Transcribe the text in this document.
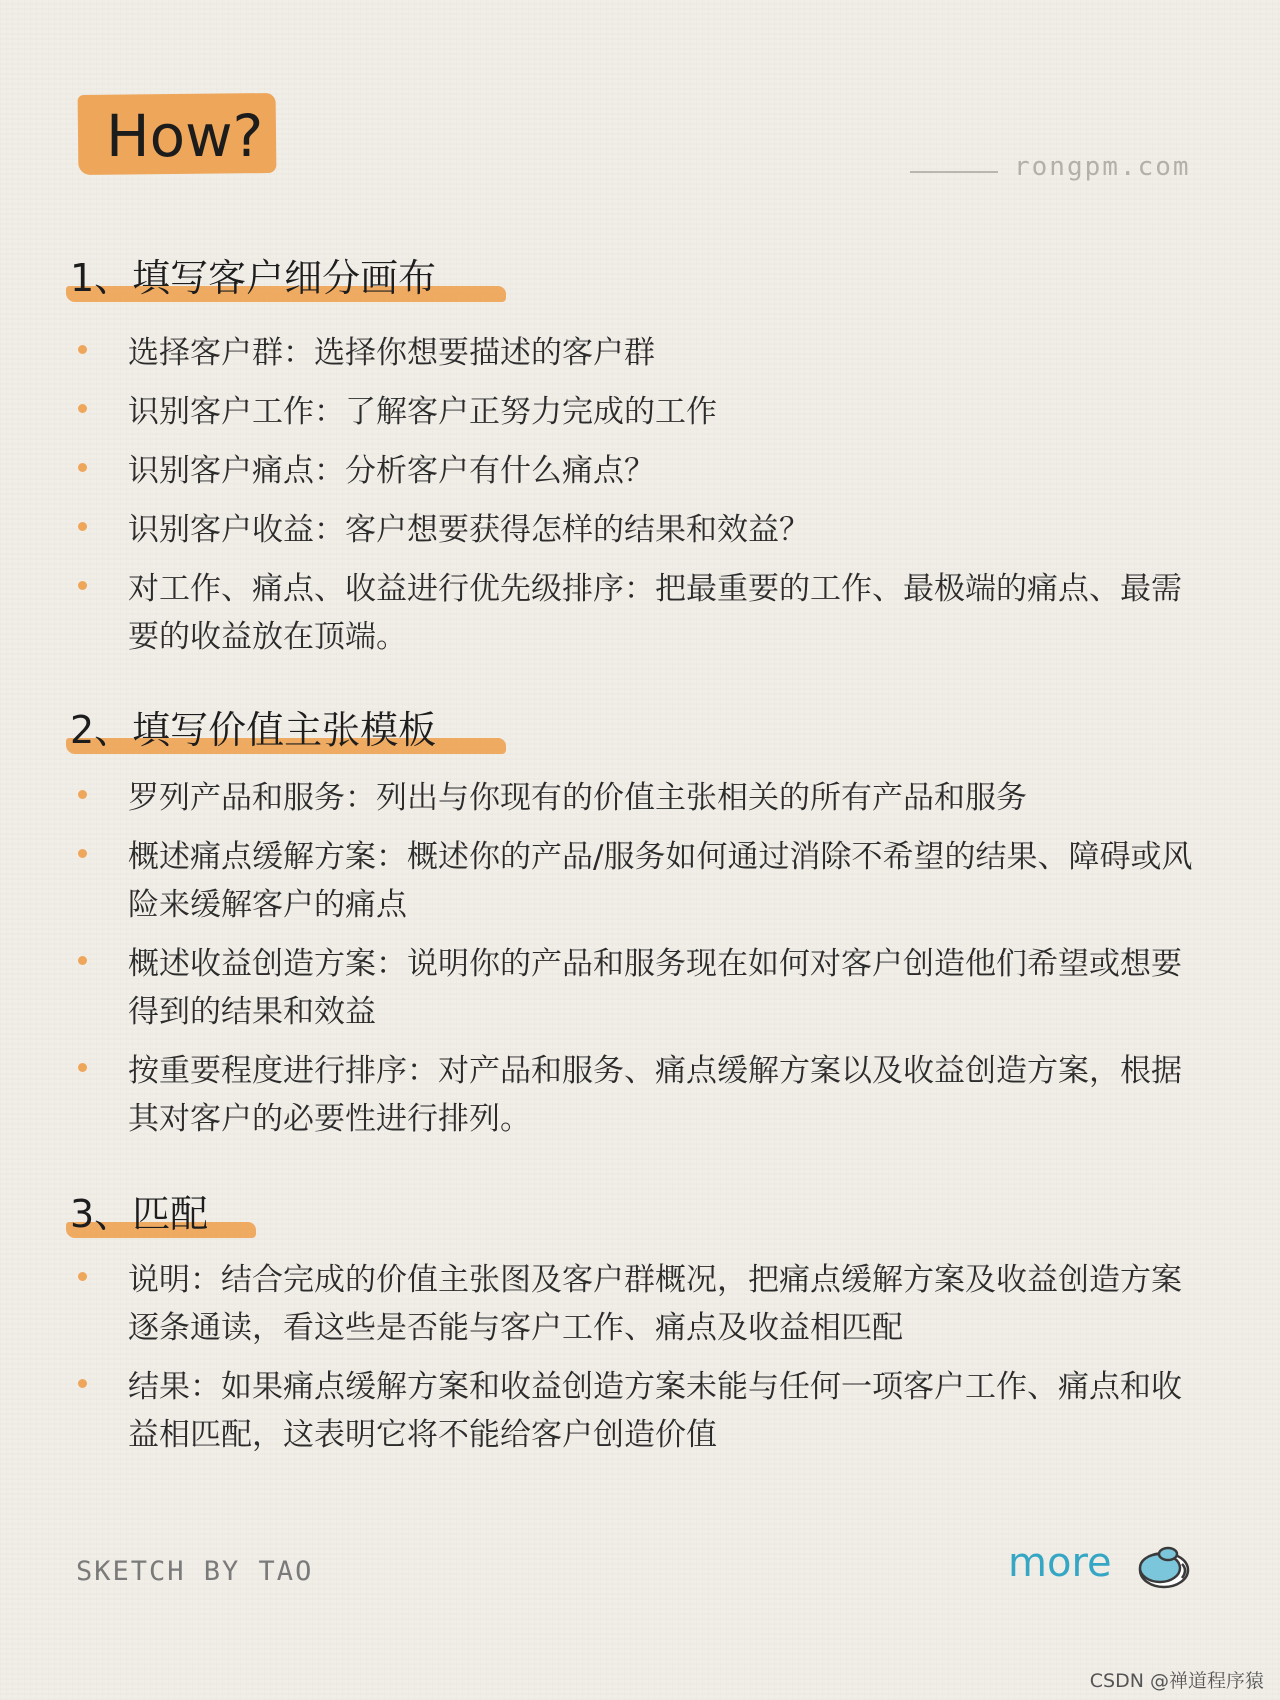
How?	rongpm.com
1、填写客户细分画布
选择客户群：选择你想要描述的客户群
识别客户工作：了解客户正努力完成的工作
识别客户痛点：分析客户有什么痛点？
识别客户收益：客户想要获得怎样的结果和效益？
对工作、痛点、收益进行优先级排序：把最重要的工作、最极端的痛点、最需要的收益放在顶端。
2、填写价值主张模板
罗列产品和服务：列出与你现有的价值主张相关的所有产品和服务
概述痛点缓解方案：概述你的产品/服务如何通过消除不希望的结果、障碍或风险来缓解客户的痛点
概述收益创造方案：说明你的产品和服务现在如何对客户创造他们希望或想要得到的结果和效益
按重要程度进行排序：对产品和服务、痛点缓解方案以及收益创造方案，根据其对客户的必要性进行排列。
3、匹配
说明：结合完成的价值主张图及客户群概况，把痛点缓解方案及收益创造方案逐条通读，看这些是否能与客户工作、痛点及收益相匹配
结果：如果痛点缓解方案和收益创造方案未能与任何一项客户工作、痛点和收益相匹配，这表明它将不能给客户创造价值
SKETCH BY TAO	more
CSDN @禅道程序猿
